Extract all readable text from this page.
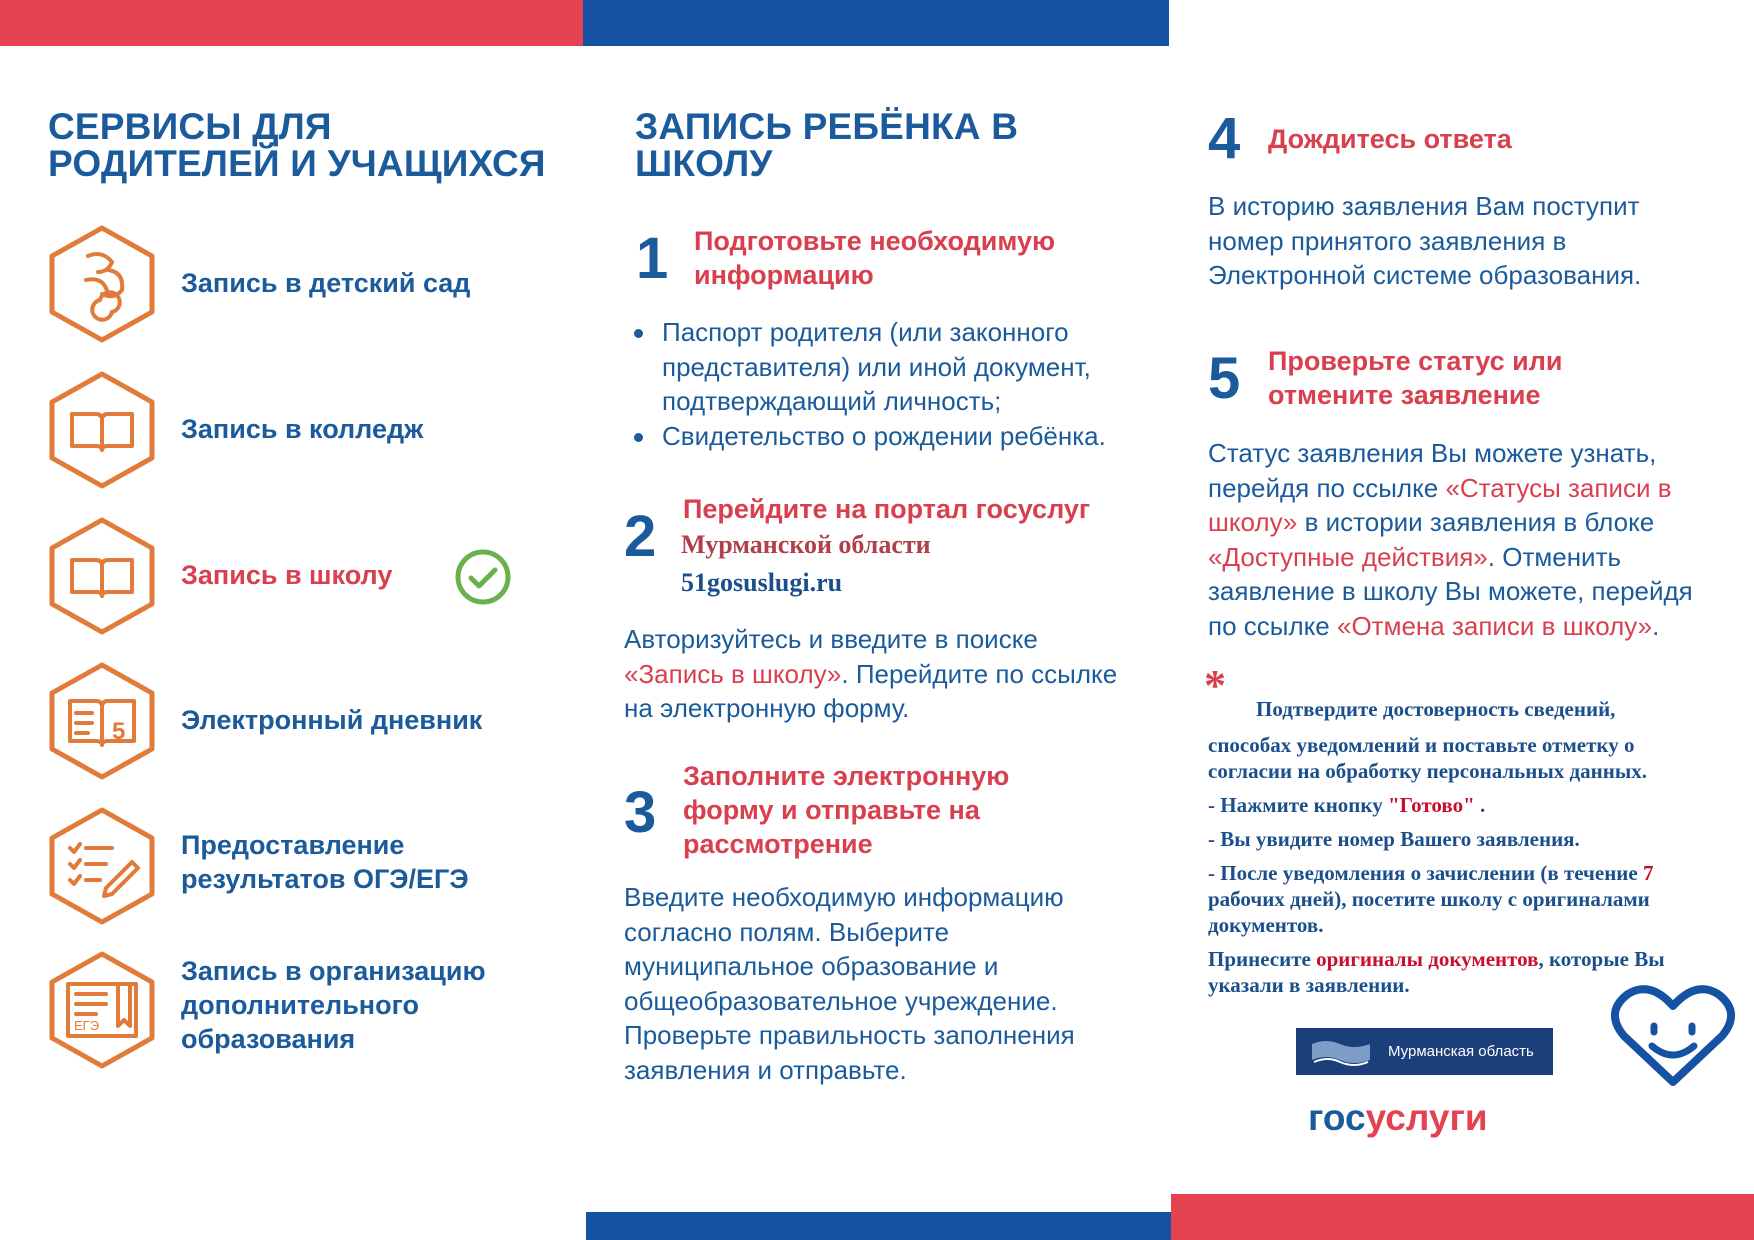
СЕРВИСЫ ДЛЯ
РОДИТЕЛЕЙ И УЧАЩИХСЯ
Запись в детский сад
Запись в колледж
Запись в школу
5 Электронный дневник
Предоставление
результатов ОГЭ/ЕГЭ
ЕГЭ
Запись в организацию
дополнительного
образования
ЗАПИСЬ РЕБЁНКА В
ШКОЛУ
1 Подготовьте необходимую
информацию
Паспорт родителя (или законного
представителя) или иной документ,
подтверждающий личность;
Свидетельство о рождении ребёнка.
2 Перейдите на портал госуслуг
Мурманской области
51gosuslugi.ru
Авторизуйтесь и введите в поиске
«Запись в школу». Перейдите по ссылке
на электронную форму.
3
Заполните электронную
форму и отправьте на
рассмотрение
Введите необходимую информацию
согласно полям. Выберите
муниципальное образование и
общеобразовательное учреждение.
Проверьте правильность заполнения
заявления и отправьте.
4 Дождитесь ответа
В историю заявления Вам поступит
номер принятого заявления в
Электронной системе образования.
5 Проверьте статус или
отмените заявление
Статус заявления Вы можете узнать,
перейдя по ссылке «Статусы записи в
школу» в истории заявления в блоке
«Доступные действия». Отменить
заявление в школу Вы можете, перейдя
по ссылке «Отмена записи в школу».
*	Подтвердите достоверность сведений,
способах уведомлений и поставьте отметку о
согласии на обработку персональных данных.
- Нажмите кнопку "Готово" .
- Вы увидите номер Вашего заявления.
- После уведомления о зачислении (в течение 7
рабочих дней), посетите школу с оригиналами
документов.
Принесите оригиналы документов, которые Вы
указали в заявлении.
Мурманская область
госуслуги
